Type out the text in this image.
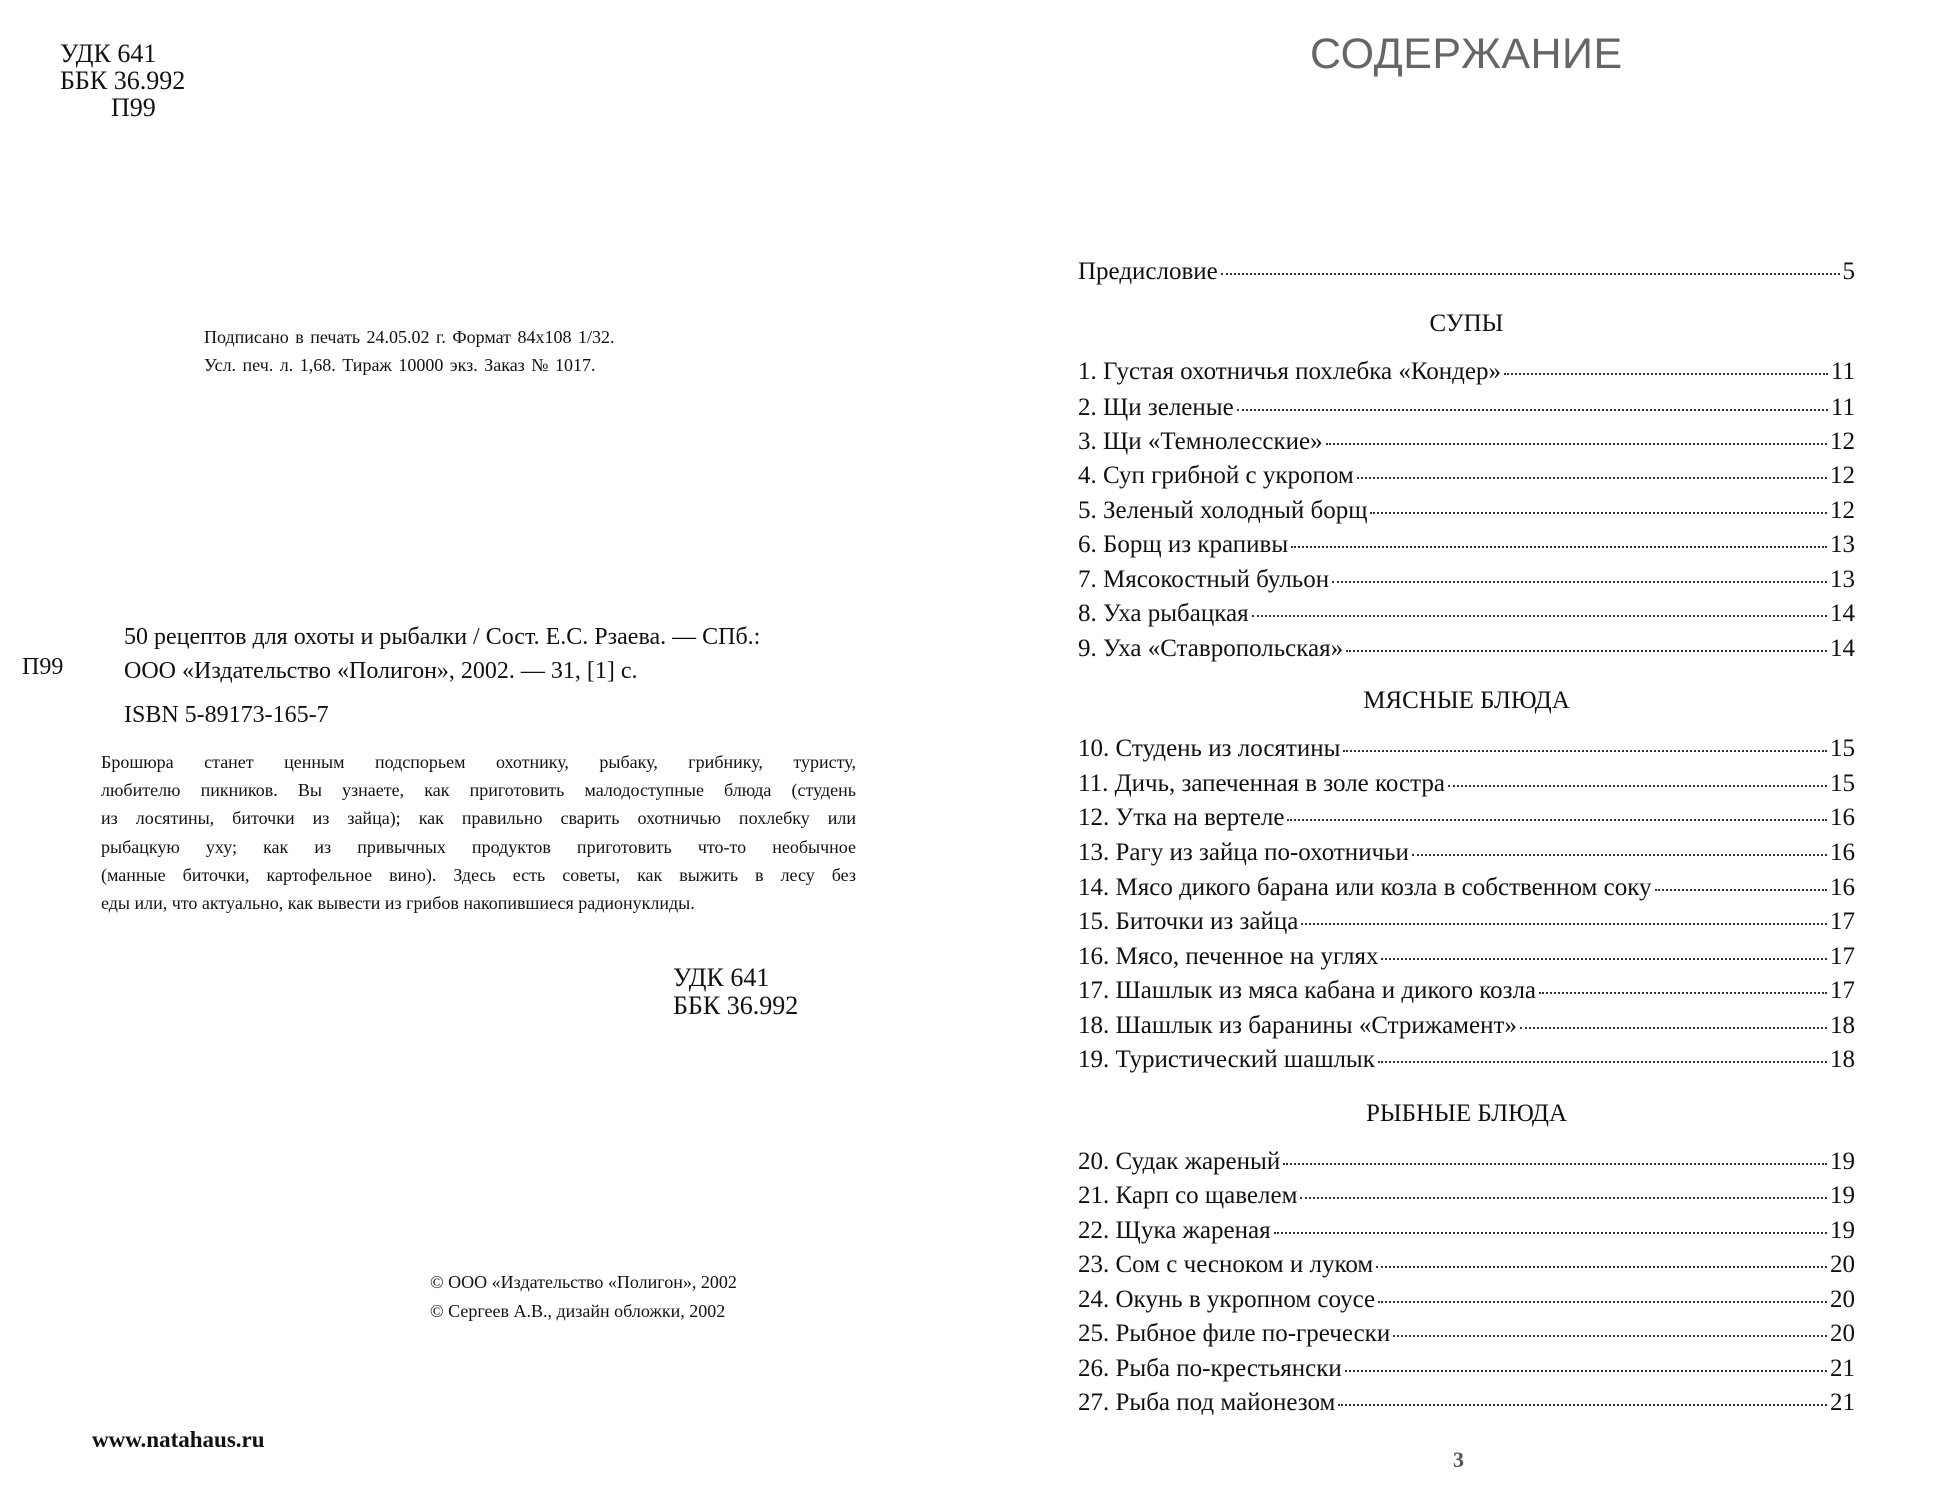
УДК 641
ББК 36.992
П99
Подписано в печать 24.05.02 г. Формат 84х108 1/32.
Усл. печ. л. 1,68. Тираж 10000 экз. Заказ № 1017.
50 рецептов для охоты и рыбалки / Сост. Е.С. Рзаева. — СПб.:
ООО «Издательство «Полигон», 2002. — 31, [1] с.
П99
ISBN 5-89173-165-7
Брошюра станет ценным подспорьем охотнику, рыбаку, грибнику, туристу,
любителю пикников. Вы узнаете, как приготовить малодоступные блюда (студень
из лосятины, биточки из зайца); как правильно сварить охотничью похлебку или
рыбацкую уху; как из привычных продуктов приготовить что-то необычное
(манные биточки, картофельное вино). Здесь есть советы, как выжить в лесу без
еды или, что актуально, как вывести из грибов накопившиеся радионуклиды.
УДК 641
ББК 36.992
© ООО «Издательство «Полигон», 2002
© Сергеев А.В., дизайн обложки, 2002
www.natahaus.ru
СОДЕРЖАНИЕ
Предисловие	5
СУПЫ
1. Густая охотничья похлебка «Кондер»	11
2. Щи зеленые	11
3. Щи «Темнолесские»	12
4. Суп грибной с укропом	12
5. Зеленый холодный борщ	12
6. Борщ из крапивы	13
7. Мясокостный бульон	13
8. Уха рыбацкая	14
9. Уха «Ставропольская»	14
МЯСНЫЕ БЛЮДА
10. Студень из лосятины	15
11. Дичь, запеченная в золе костра	15
12. Утка на вертеле	16
13. Рагу из зайца по-охотничьи	16
14. Мясо дикого барана или козла в собственном соку	16
15. Биточки из зайца	17
16. Мясо, печенное на углях	17
17. Шашлык из мяса кабана и дикого козла	17
18. Шашлык из баранины «Стрижамент»	18
19. Туристический шашлык	18
РЫБНЫЕ БЛЮДА
20. Судак жареный	19
21. Карп со щавелем	19
22. Щука жареная	19
23. Сом с чесноком и луком	20
24. Окунь в укропном соусе	20
25. Рыбное филе по-гречески	20
26. Рыба по-крестьянски	21
27. Рыба под майонезом	21
3
